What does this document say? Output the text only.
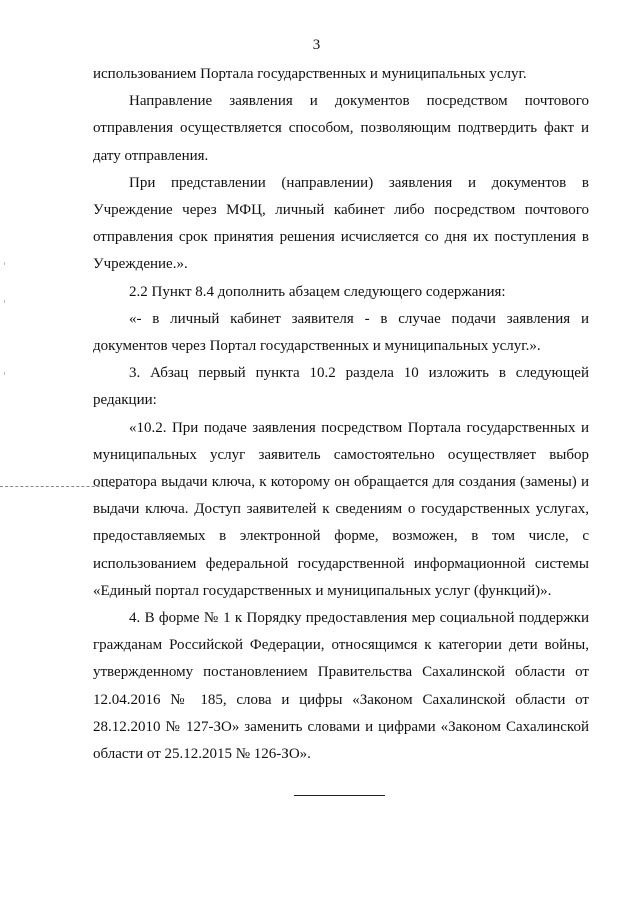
3

использованием Портала государственных и муниципальных услуг.

Направление заявления и документов посредством почтового отправления осуществляется способом, позволяющим подтвердить факт и дату отправления.

При представлении (направлении) заявления и документов в Учреждение через МФЦ, личный кабинет либо посредством почтового отправления срок принятия решения исчисляется со дня их поступления в Учреждение.».

2.2 Пункт 8.4 дополнить абзацем следующего содержания:

«- в личный кабинет заявителя - в случае подачи заявления и документов через Портал государственных и муниципальных услуг.».

3. Абзац первый пункта 10.2 раздела 10 изложить в следующей редакции:

«10.2. При подаче заявления посредством Портала государственных и муниципальных услуг заявитель самостоятельно осуществляет выбор оператора выдачи ключа, к которому он обращается для создания (замены) и выдачи ключа. Доступ заявителей к сведениям о государственных услугах, предоставляемых в электронной форме, возможен, в том числе, с использованием федеральной государственной информационной системы «Единый портал государственных и муниципальных услуг (функций)».

4. В форме № 1 к Порядку предоставления мер социальной поддержки гражданам Российской Федерации, относящимся к категории дети войны, утвержденному постановлением Правительства Сахалинской области от 12.04.2016 № 185, слова и цифры «Законом Сахалинской области от 28.12.2010 № 127-ЗО» заменить словами и цифрами «Законом Сахалинской области от 25.12.2015 № 126-ЗО».
